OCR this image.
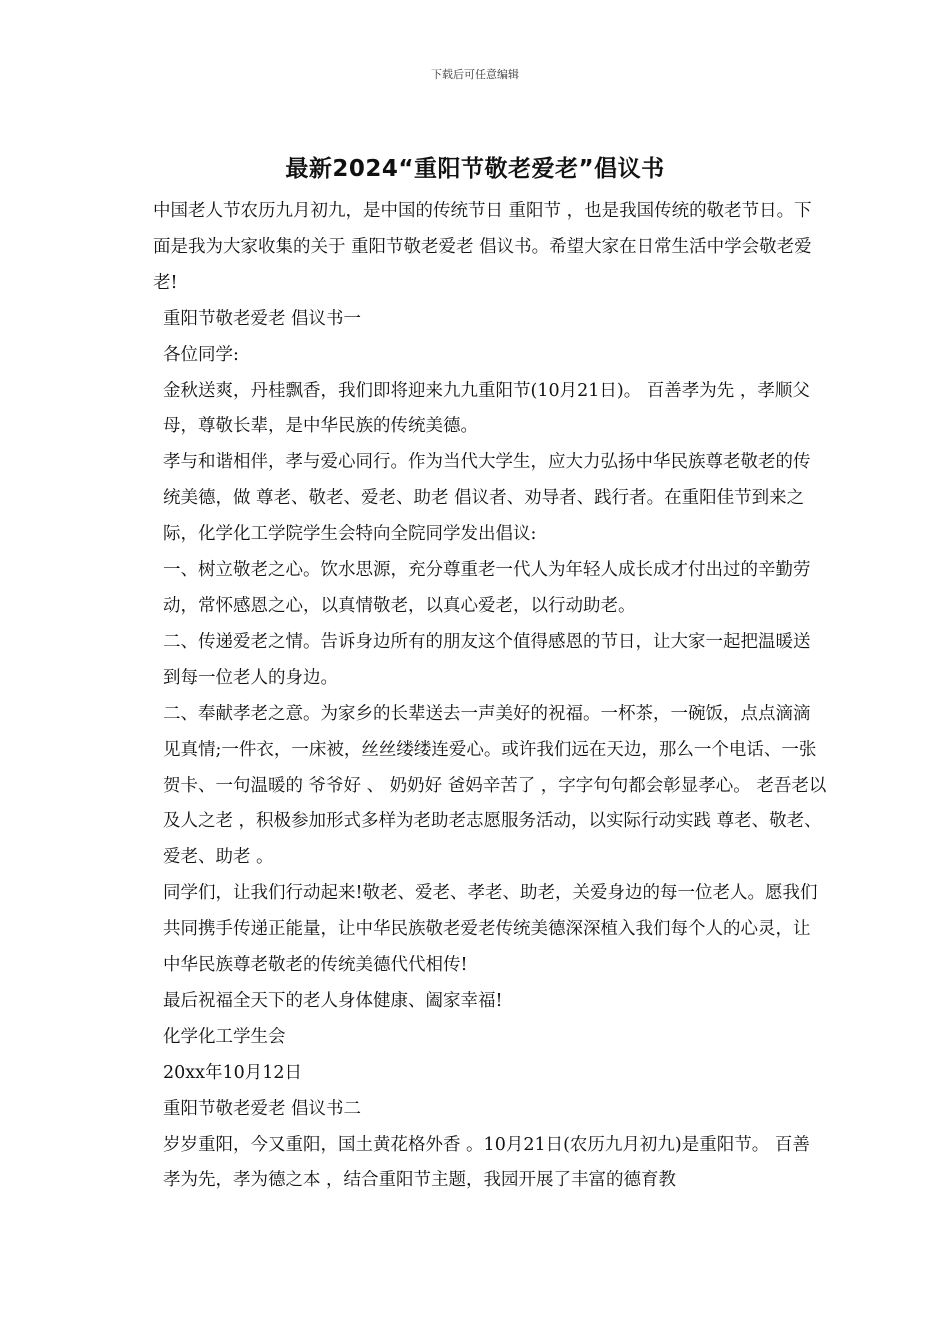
下载后可任意编辑
最新2024“重阳节敬老爱老”倡议书
中国老人节农历九月初九，是中国的传统节日 重阳节 ，也是我国传统的敬老节日。下面是我为大家收集的关于 重阳节敬老爱老 倡议书。希望大家在日常生活中学会敬老爱老!
重阳节敬老爱老 倡议书一
各位同学:
金秋送爽，丹桂飘香，我们即将迎来九九重阳节(10月21日)。 百善孝为先 ，孝顺父母，尊敬长辈，是中华民族的传统美德。
孝与和谐相伴，孝与爱心同行。作为当代大学生，应大力弘扬中华民族尊老敬老的传统美德，做 尊老、敬老、爱老、助老 倡议者、劝导者、践行者。在重阳佳节到来之际，化学化工学院学生会特向全院同学发出倡议:
一、树立敬老之心。饮水思源，充分尊重老一代人为年轻人成长成才付出过的辛勤劳动，常怀感恩之心，以真情敬老，以真心爱老，以行动助老。
二、传递爱老之情。告诉身边所有的朋友这个值得感恩的节日，让大家一起把温暖送到每一位老人的身边。
二、奉献孝老之意。为家乡的长辈送去一声美好的祝福。一杯茶，一碗饭，点点滴滴见真情;一件衣，一床被，丝丝缕缕连爱心。或许我们远在天边，那么一个电话、一张贺卡、一句温暖的 爷爷好 、 奶奶好 爸妈辛苦了 ，字字句句都会彰显孝心。 老吾老以及人之老 ，积极参加形式多样为老助老志愿服务活动，以实际行动实践 尊老、敬老、爱老、助老 。
同学们，让我们行动起来!敬老、爱老、孝老、助老，关爱身边的每一位老人。愿我们共同携手传递正能量，让中华民族敬老爱老传统美德深深植入我们每个人的心灵，让中华民族尊老敬老的传统美德代代相传!
最后祝福全天下的老人身体健康、阖家幸福!
化学化工学生会
20xx年10月12日
重阳节敬老爱老 倡议书二
岁岁重阳，今又重阳，国土黄花格外香 。10月21日(农历九月初九)是重阳节。 百善孝为先，孝为德之本 ，结合重阳节主题，我园开展了丰富的德育教
